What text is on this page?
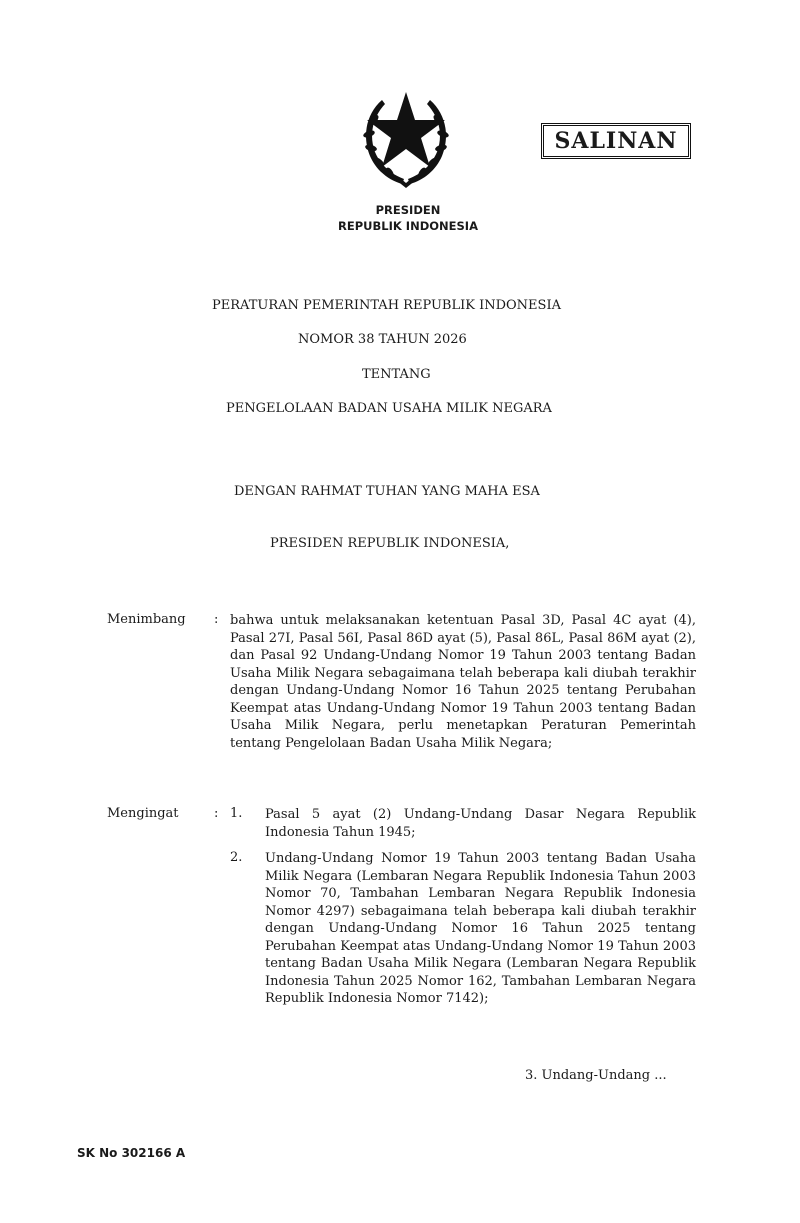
SALINAN
PRESIDEN
REPUBLIK INDONESIA
PERATURAN PEMERINTAH REPUBLIK INDONESIA
NOMOR 38 TAHUN 2026
TENTANG
PENGELOLAAN BADAN USAHA MILIK NEGARA
DENGAN RAHMAT TUHAN YANG MAHA ESA
PRESIDEN REPUBLIK INDONESIA,
Menimbang : bahwa untuk melaksanakan ketentuan Pasal 3D, Pasal 4C ayat (4), Pasal 27I, Pasal 56I, Pasal 86D ayat (5), Pasal 86L, Pasal 86M ayat (2), dan Pasal 92 Undang-Undang Nomor 19 Tahun 2003 tentang Badan Usaha Milik Negara sebagaimana telah beberapa kali diubah terakhir dengan Undang-Undang Nomor 16 Tahun 2025 tentang Perubahan Keempat atas Undang-Undang Nomor 19 Tahun 2003 tentang Badan Usaha Milik Negara, perlu menetapkan Peraturan Pemerintah tentang Pengelolaan Badan Usaha Milik Negara;
Mengingat	: 1. Pasal 5 ayat (2) Undang-Undang Dasar Negara Republik Indonesia Tahun 1945;
2. Undang-Undang Nomor 19 Tahun 2003 tentang Badan Usaha Milik Negara (Lembaran Negara Republik Indonesia Tahun 2003 Nomor 70, Tambahan Lembaran Negara Republik Indonesia Nomor 4297) sebagaimana telah beberapa kali diubah terakhir dengan Undang-Undang Nomor 16 Tahun 2025 tentang Perubahan Keempat atas Undang-Undang Nomor 19 Tahun 2003 tentang Badan Usaha Milik Negara (Lembaran Negara Republik Indonesia Tahun 2025 Nomor 162, Tambahan Lembaran Negara Republik Indonesia Nomor 7142);
3. Undang-Undang ...
SK No 302166 A
